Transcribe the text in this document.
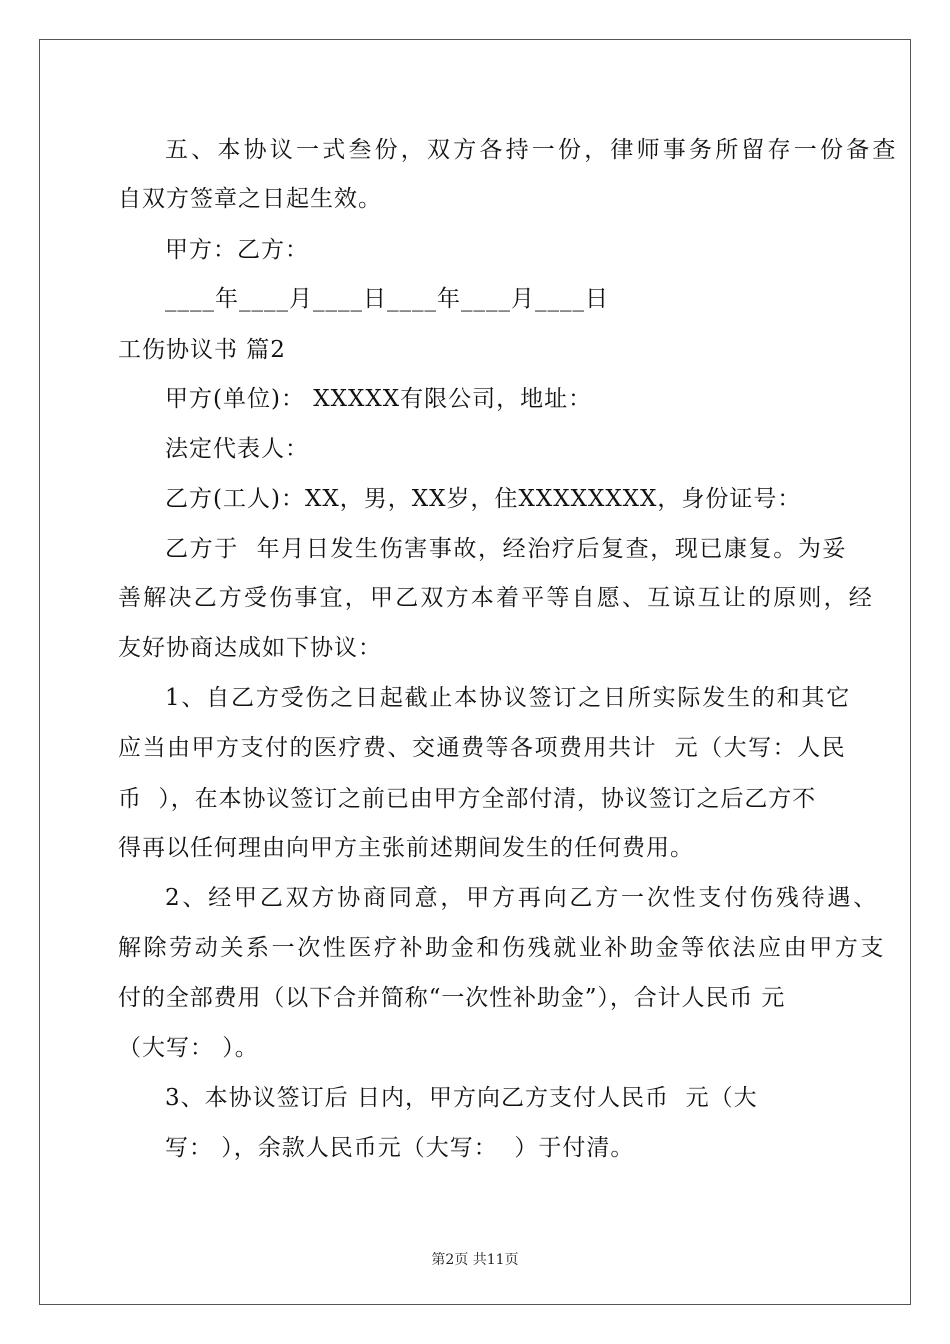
五、本协议一式叁份，双方各持一份，律师事务所留存一份备查
自双方签章之日起生效。
甲方：乙方：
____年____月____日____年____月____日
工伤协议书 篇2
甲方(单位)： XXXXX有限公司，地址：
法定代表人：
乙方(工人)：XX，男，XX岁，住XXXXXXXX，身份证号：
乙方于  年月日发生伤害事故，经治疗后复查，现已康复。为妥
善解决乙方受伤事宜，甲乙双方本着平等自愿、互谅互让的原则，经
友好协商达成如下协议：
1、自乙方受伤之日起截止本协议签订之日所实际发生的和其它
应当由甲方支付的医疗费、交通费等各项费用共计  元（大写：人民
币  ），在本协议签订之前已由甲方全部付清，协议签订之后乙方不
得再以任何理由向甲方主张前述期间发生的任何费用。
2、经甲乙双方协商同意，甲方再向乙方一次性支付伤残待遇、
解除劳动关系一次性医疗补助金和伤残就业补助金等依法应由甲方支
付的全部费用（以下合并简称“一次性补助金”），合计人民币 元
（大写： ）。
3、本协议签订后 日内，甲方向乙方支付人民币  元（大
写： ），余款人民币元（大写：  ）于付清。
第2页 共11页
